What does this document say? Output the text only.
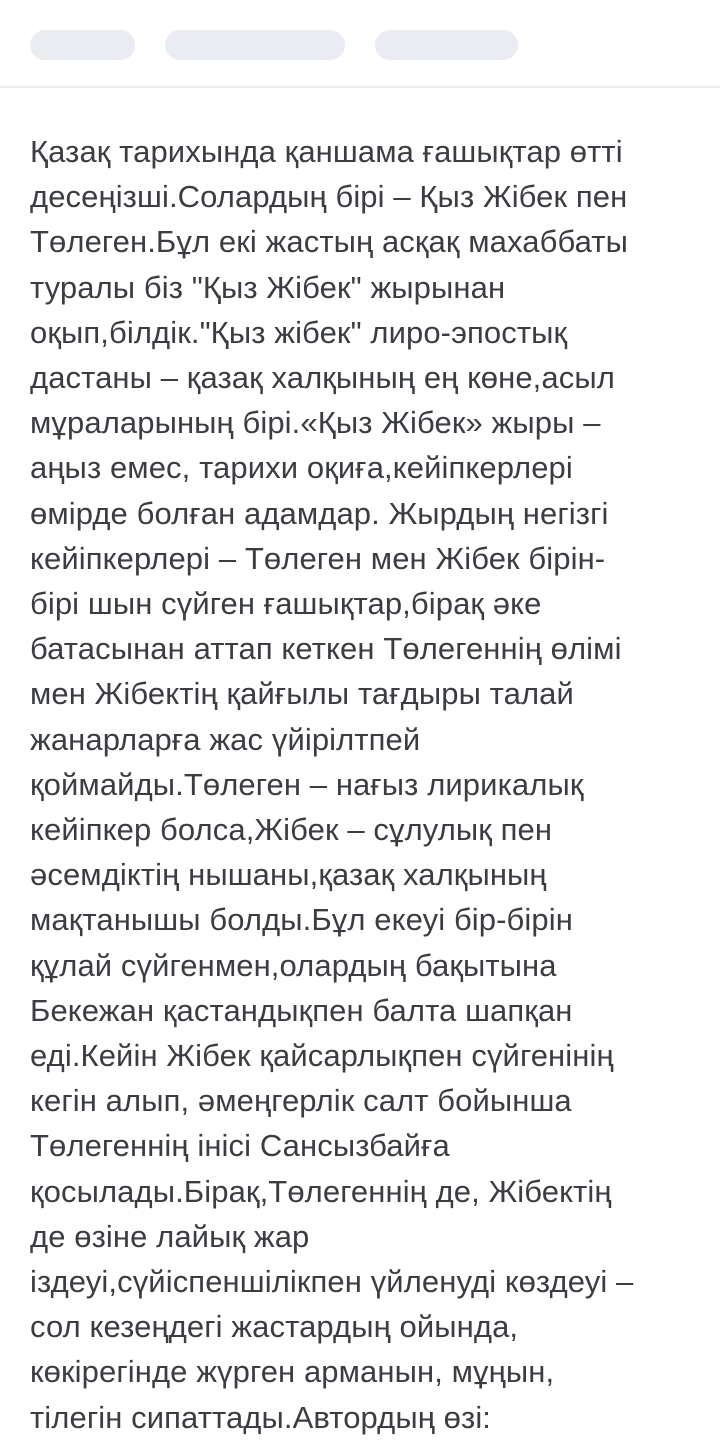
Қазақ тарихында қаншама ғашықтар өтті
десеңізші.Солардың бірі – Қыз Жібек пен
Төлеген.Бұл екі жастың асқақ махаббаты
туралы біз "Қыз Жібек" жырынан
оқып,білдік."Қыз жібек" лиро-эпостық
дастаны – қазақ халқының ең көне,асыл
мұраларының бірі.«Қыз Жібек» жыры –
аңыз емес, тарихи оқиға,кейіпкерлері
өмірде болған адамдар. Жырдың негізгі
кейіпкерлері – Төлеген мен Жібек бірін-
бірі шын сүйген ғашықтар,бірақ әке
батасынан аттап кеткен Төлегеннің өлімі
мен Жібектің қайғылы тағдыры талай
жанарларға жас үйірілтпей
қоймайды.Төлеген – нағыз лирикалық
кейіпкер болса,Жібек – сұлулық пен
әсемдіктің нышаны,қазақ халқының
мақтанышы болды.Бұл екеуі бір-бірін
құлай сүйгенмен,олардың бақытына
Бекежан қастандықпен балта шапқан
еді.Кейін Жібек қайсарлықпен сүйгенінің
кегін алып, әмеңгерлік салт бойынша
Төлегеннің інісі Сансызбайға
қосылады.Бірақ,Төлегеннің де, Жібектің
де өзіне лайық жар
іздеуі,сүйіспеншілікпен үйленуді көздеуі –
сол кезеңдегі жастардың ойында,
көкірегінде жүрген арманын, мұңын,
тілегін сипаттады.Автордың өзі:
